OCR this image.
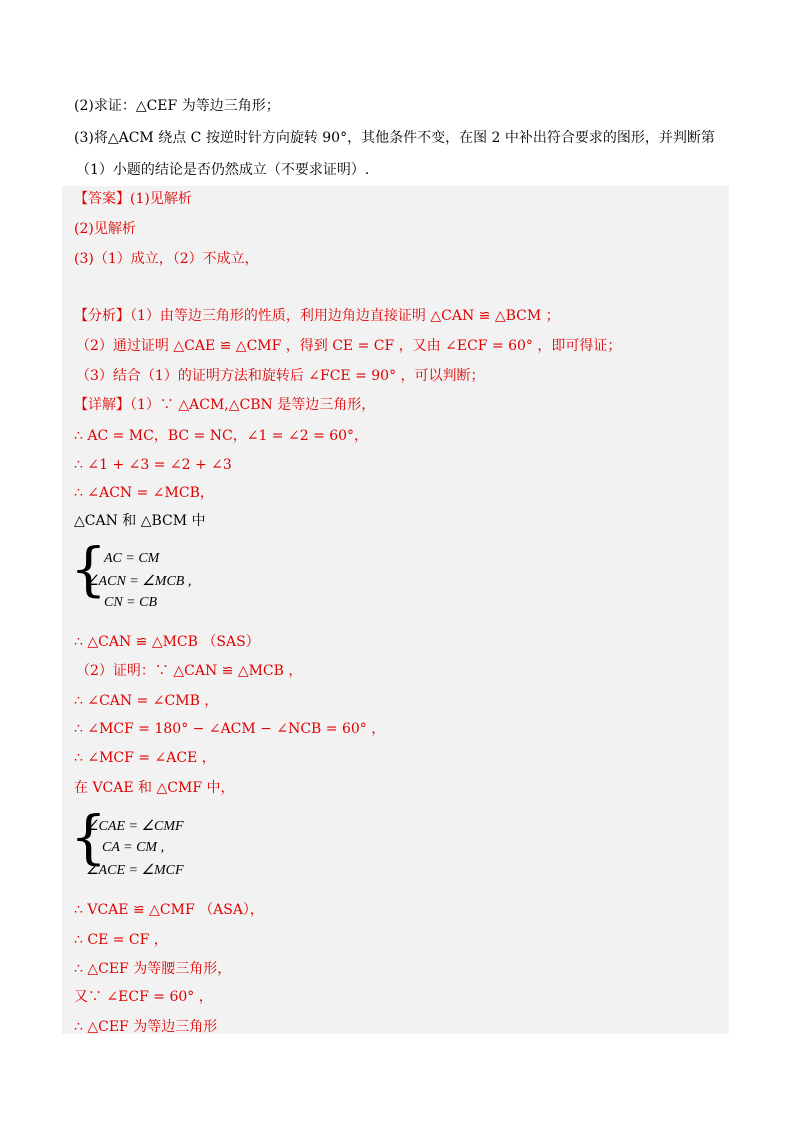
(2)求证：△CEF 为等边三角形；
(3)将△ACM 绕点 C 按逆时针方向旋转 90°，其他条件不变，在图 2 中补出符合要求的图形，并判断第
（1）小题的结论是否仍然成立（不要求证明）.
【答案】(1)见解析
(2)见解析
(3)（1）成立，（2）不成立，
【分析】（1）由等边三角形的性质，利用边角边直接证明 △CAN ≌ △BCM ；
（2）通过证明 △CAE ≌ △CMF ，得到 CE = CF ，又由 ∠ECF = 60° ，即可得证；
（3）结合（1）的证明方法和旋转后 ∠FCE = 90° ，可以判断；
【详解】（1）∵ △ACM,△CBN 是等边三角形，
∴ AC = MC，BC = NC，∠1 = ∠2 = 60°，
∴ ∠1 + ∠3 = ∠2 + ∠3
∴ ∠ACN = ∠MCB，
△CAN 和 △BCM 中
{
AC = CM
∠ACN = ∠MCB ,
CN = CB
∴ △CAN ≌ △MCB （SAS）
（2）证明：∵ △CAN ≌ △MCB ，
∴ ∠CAN = ∠CMB ，
∴ ∠MCF = 180° − ∠ACM − ∠NCB = 60° ，
∴ ∠MCF = ∠ACE ，
在 VCAE 和 △CMF 中，
{
∠CAE = ∠CMF
CA = CM ,
∠ACE = ∠MCF
∴ VCAE ≌ △CMF （ASA），
∴ CE = CF ，
∴ △CEF 为等腰三角形，
又∵ ∠ECF = 60° ，
∴ △CEF 为等边三角形
